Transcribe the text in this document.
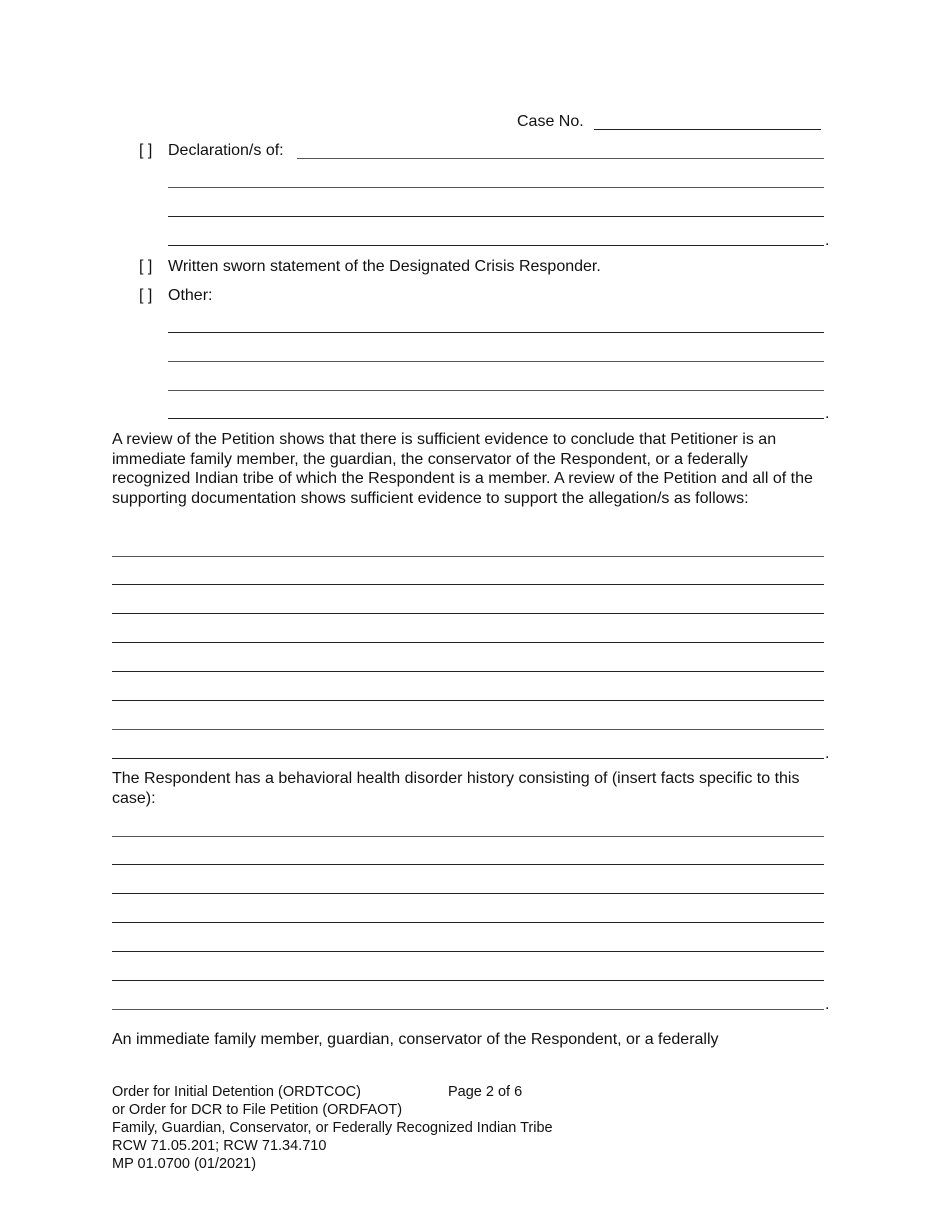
Case No.
[ ] Declaration/s of:
.
[ ] Written sworn statement of the Designated Crisis Responder.
[ ] Other:
.
A review of the Petition shows that there is sufficient evidence to conclude that Petitioner is an immediate family member, the guardian, the conservator of the Respondent, or a federally recognized Indian tribe of which the Respondent is a member. A review of the Petition and all of the supporting documentation shows sufficient evidence to support the allegation/s as follows:
.
The Respondent has a behavioral health disorder history consisting of (insert facts specific to this case):
.
An immediate family member, guardian, conservator of the Respondent, or a federally
Order for Initial Detention (ORDTCOC)	Page 2 of 6
or Order for DCR to File Petition (ORDFAOT)
Family, Guardian, Conservator, or Federally Recognized Indian Tribe
RCW 71.05.201; RCW 71.34.710
MP 01.0700 (01/2021)
